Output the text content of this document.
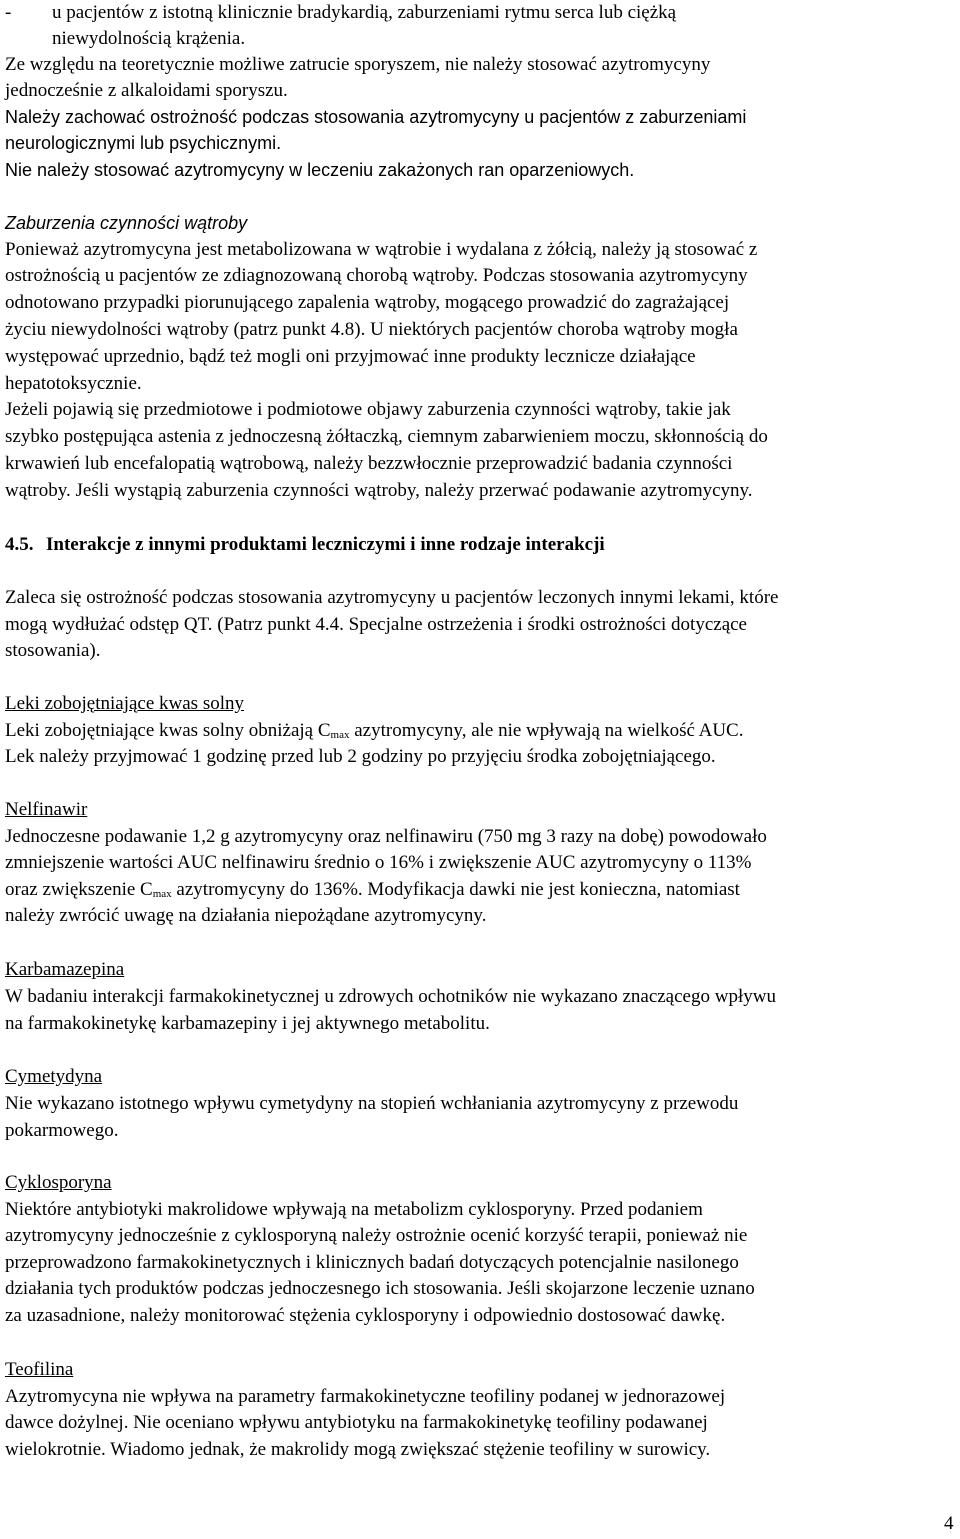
- u pacjentów z istotną klinicznie bradykardią, zaburzeniami rytmu serca lub ciężką
niewydolnością krążenia.
Ze względu na teoretycznie możliwe zatrucie sporyszem, nie należy stosować azytromycyny
jednocześnie z alkaloidami sporyszu.
Należy zachować ostrożność podczas stosowania azytromycyny u pacjentów z zaburzeniami
neurologicznymi lub psychicznymi.
Nie należy stosować azytromycyny w leczeniu zakażonych ran oparzeniowych.
Zaburzenia czynności wątroby
Ponieważ azytromycyna jest metabolizowana w wątrobie i wydalana z żółcią, należy ją stosować z
ostrożnością u pacjentów ze zdiagnozowaną chorobą wątroby. Podczas stosowania azytromycyny
odnotowano przypadki piorunującego zapalenia wątroby, mogącego prowadzić do zagrażającej
życiu niewydolności wątroby (patrz punkt 4.8). U niektórych pacjentów choroba wątroby mogła
występować uprzednio, bądź też mogli oni przyjmować inne produkty lecznicze działające
hepatotoksycznie.
Jeżeli pojawią się przedmiotowe i podmiotowe objawy zaburzenia czynności wątroby, takie jak
szybko postępująca astenia z jednoczesną żółtaczką, ciemnym zabarwieniem moczu, skłonnością do
krwawień lub encefalopatią wątrobową, należy bezzwłocznie przeprowadzić badania czynności
wątroby. Jeśli wystąpią zaburzenia czynności wątroby, należy przerwać podawanie azytromycyny.
4.5. Interakcje z innymi produktami leczniczymi i inne rodzaje interakcji
Zaleca się ostrożność podczas stosowania azytromycyny u pacjentów leczonych innymi lekami, które
mogą wydłużać odstęp QT. (Patrz punkt 4.4. Specjalne ostrzeżenia i środki ostrożności dotyczące
stosowania).
Leki zobojętniające kwas solny
Leki zobojętniające kwas solny obniżają $C_{max}$ azytromycyny, ale nie wpływają na wielkość AUC.
Lek należy przyjmować 1 godzinę przed lub 2 godziny po przyjęciu środka zobojętniającego.
Nelfinawir
Jednoczesne podawanie 1,2 g azytromycyny oraz nelfinawiru (750 mg 3 razy na dobę) powodowało
zmniejszenie wartości AUC nelfinawiru średnio o 16% i zwiększenie AUC azytromycyny o 113%
oraz zwiększenie $C_{max}$ azytromycyny do 136%. Modyfikacja dawki nie jest konieczna, natomiast
należy zwrócić uwagę na działania niepożądane azytromycyny.
Karbamazepina
W badaniu interakcji farmakokinetycznej u zdrowych ochotników nie wykazano znaczącego wpływu
na farmakokinetykę karbamazepiny i jej aktywnego metabolitu.
Cymetydyna
Nie wykazano istotnego wpływu cymetydyny na stopień wchłaniania azytromycyny z przewodu
pokarmowego.
Cyklosporyna
Niektóre antybiotyki makrolidowe wpływają na metabolizm cyklosporyny. Przed podaniem
azytromycyny jednocześnie z cyklosporyną należy ostrożnie ocenić korzyść terapii, ponieważ nie
przeprowadzono farmakokinetycznych i klinicznych badań dotyczących potencjalnie nasilonego
działania tych produktów podczas jednoczesnego ich stosowania. Jeśli skojarzone leczenie uznano
za uzasadnione, należy monitorować stężenia cyklosporyny i odpowiednio dostosować dawkę.
Teofilina
Azytromycyna nie wpływa na parametry farmakokinetyczne teofiliny podanej w jednorazowej
dawce dożylnej. Nie oceniano wpływu antybiotyku na farmakokinetykę teofiliny podawanej
wielokrotnie. Wiadomo jednak, że makrolidy mogą zwiększać stężenie teofiliny w surowicy.
4
